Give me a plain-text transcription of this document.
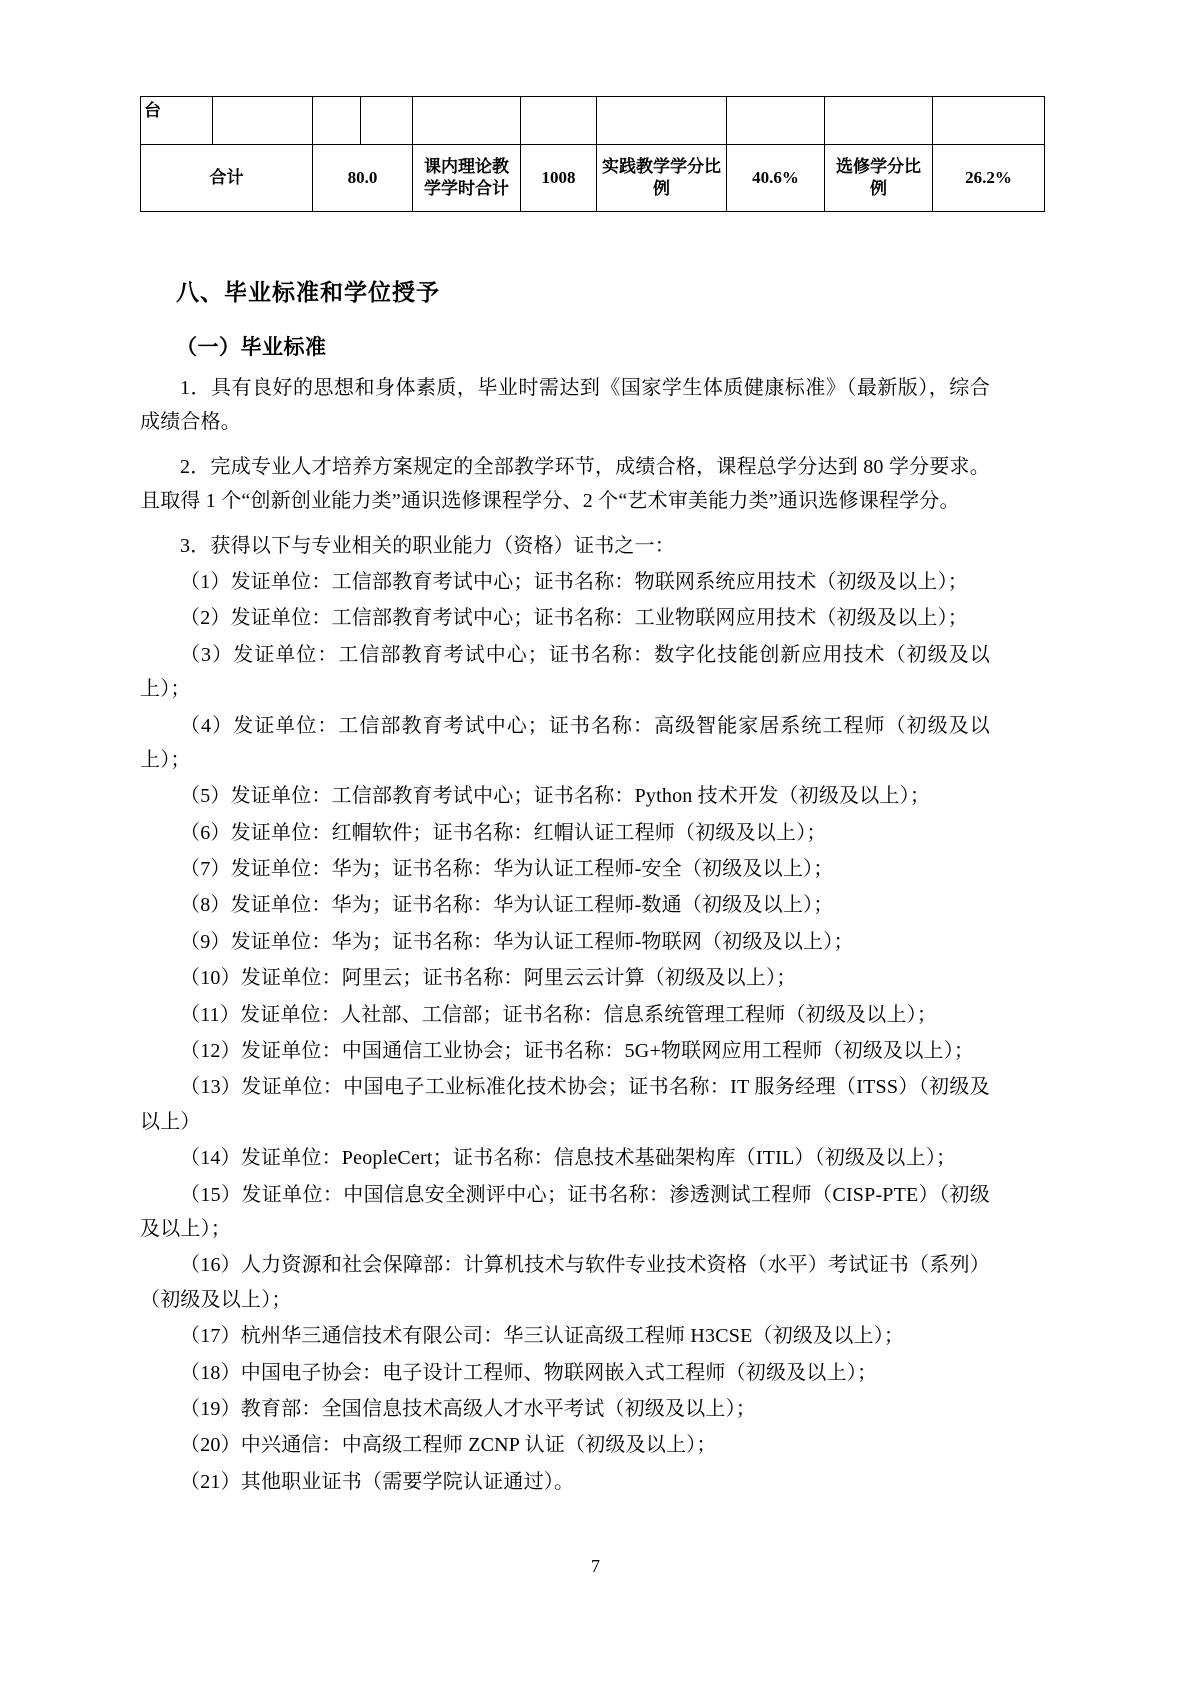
台									
合计		80.0		课内理论教学学时合计	1008	实践教学学分比例	40.6%	选修学分比例	26.2%
八、毕业标准和学位授予
（一）毕业标准

1．具有良好的思想和身体素质，毕业时需达到《国家学生体质健康标准》（最新版），综合成绩合格。

2．完成专业人才培养方案规定的全部教学环节，成绩合格，课程总学分达到 80 学分要求。且取得 1 个“创新创业能力类”通识选修课程学分、2 个“艺术审美能力类”通识选修课程学分。

3．获得以下与专业相关的职业能力（资格）证书之一：

（1）发证单位：工信部教育考试中心；证书名称：物联网系统应用技术（初级及以上）；

（2）发证单位：工信部教育考试中心；证书名称：工业物联网应用技术（初级及以上）；

（3）发证单位：工信部教育考试中心；证书名称：数字化技能创新应用技术（初级及以上）；

（4）发证单位：工信部教育考试中心；证书名称：高级智能家居系统工程师（初级及以上）；

（5）发证单位：工信部教育考试中心；证书名称：Python 技术开发（初级及以上）；

（6）发证单位：红帽软件；证书名称：红帽认证工程师（初级及以上）；

（7）发证单位：华为；证书名称：华为认证工程师-安全（初级及以上）；

（8）发证单位：华为；证书名称：华为认证工程师-数通（初级及以上）；

（9）发证单位：华为；证书名称：华为认证工程师-物联网（初级及以上）；

（10）发证单位：阿里云；证书名称：阿里云云计算（初级及以上）；

（11）发证单位：人社部、工信部；证书名称：信息系统管理工程师（初级及以上）；

（12）发证单位：中国通信工业协会；证书名称：5G+物联网应用工程师（初级及以上）；

（13）发证单位：中国电子工业标准化技术协会；证书名称：IT 服务经理（ITSS）（初级及以上）

（14）发证单位：PeopleCert；证书名称：信息技术基础架构库（ITIL）（初级及以上）；

（15）发证单位：中国信息安全测评中心；证书名称：渗透测试工程师（CISP-PTE）（初级及以上）；

（16）人力资源和社会保障部：计算机技术与软件专业技术资格（水平）考试证书（系列）（初级及以上）；

（17）杭州华三通信技术有限公司：华三认证高级工程师 H3CSE（初级及以上）；

（18）中国电子协会：电子设计工程师、物联网嵌入式工程师（初级及以上）；

（19）教育部：全国信息技术高级人才水平考试（初级及以上）；

（20）中兴通信：中高级工程师 ZCNP 认证（初级及以上）；

（21）其他职业证书（需要学院认证通过）。

7
